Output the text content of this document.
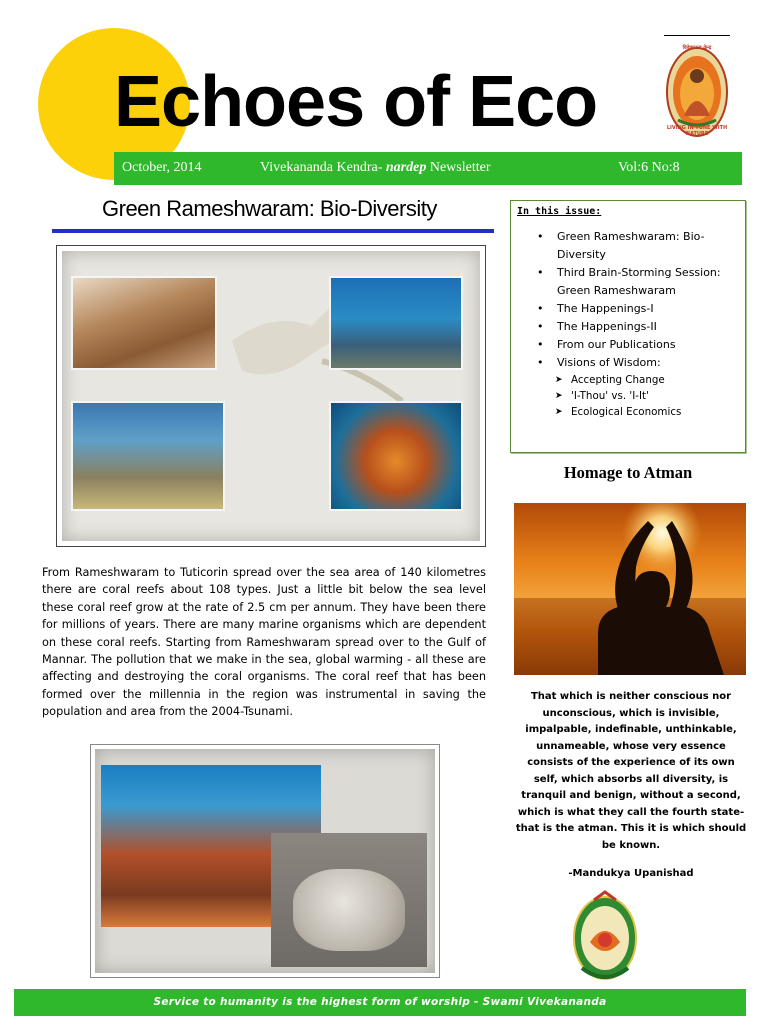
Echoes of Eco
विवेकानन्द केन्द्र
LIVING IN TUNE WITH NATURE
October, 2014	Vivekananda Kendra- nardep Newsletter	Vol:6 No:8
Green Rameshwaram: Bio-Diversity

From Rameshwaram to Tuticorin spread over the sea area of 140 kilometres there are coral reefs about 108 types. Just a little bit below the sea level these coral reef grow at the rate of 2.5 cm per annum. They have been there for millions of years. There are many marine organisms which are dependent on these coral reefs. Starting from Rameshwaram spread over to the Gulf of Mannar. The pollution that we make in the sea, global warming - all these are affecting and destroying the coral organisms. The coral reef that has been formed over the millennia in the region was instrumental in saving the population and area from the 2004-Tsunami.

In this issue:
• Green Rameshwaram: Bio-Diversity
• Third Brain-Storming Session: Green Rameshwaram
• The Happenings-I
• The Happenings-II
• From our Publications
• Visions of Wisdom:
➤ Accepting Change
➤ 'I-Thou' vs. 'I-It'
➤ Ecological Economics
Homage to Atman

That which is neither conscious nor unconscious, which is invisible, impalpable, indefinable, unthinkable, unnameable, whose very essence consists of the experience of its own self, which absorbs all diversity, is tranquil and benign, without a second, which is what they call the fourth state-that is the atman. This it is which should be known.

-Mandukya Upanishad
Service to humanity is the highest form of worship - Swami Vivekananda
